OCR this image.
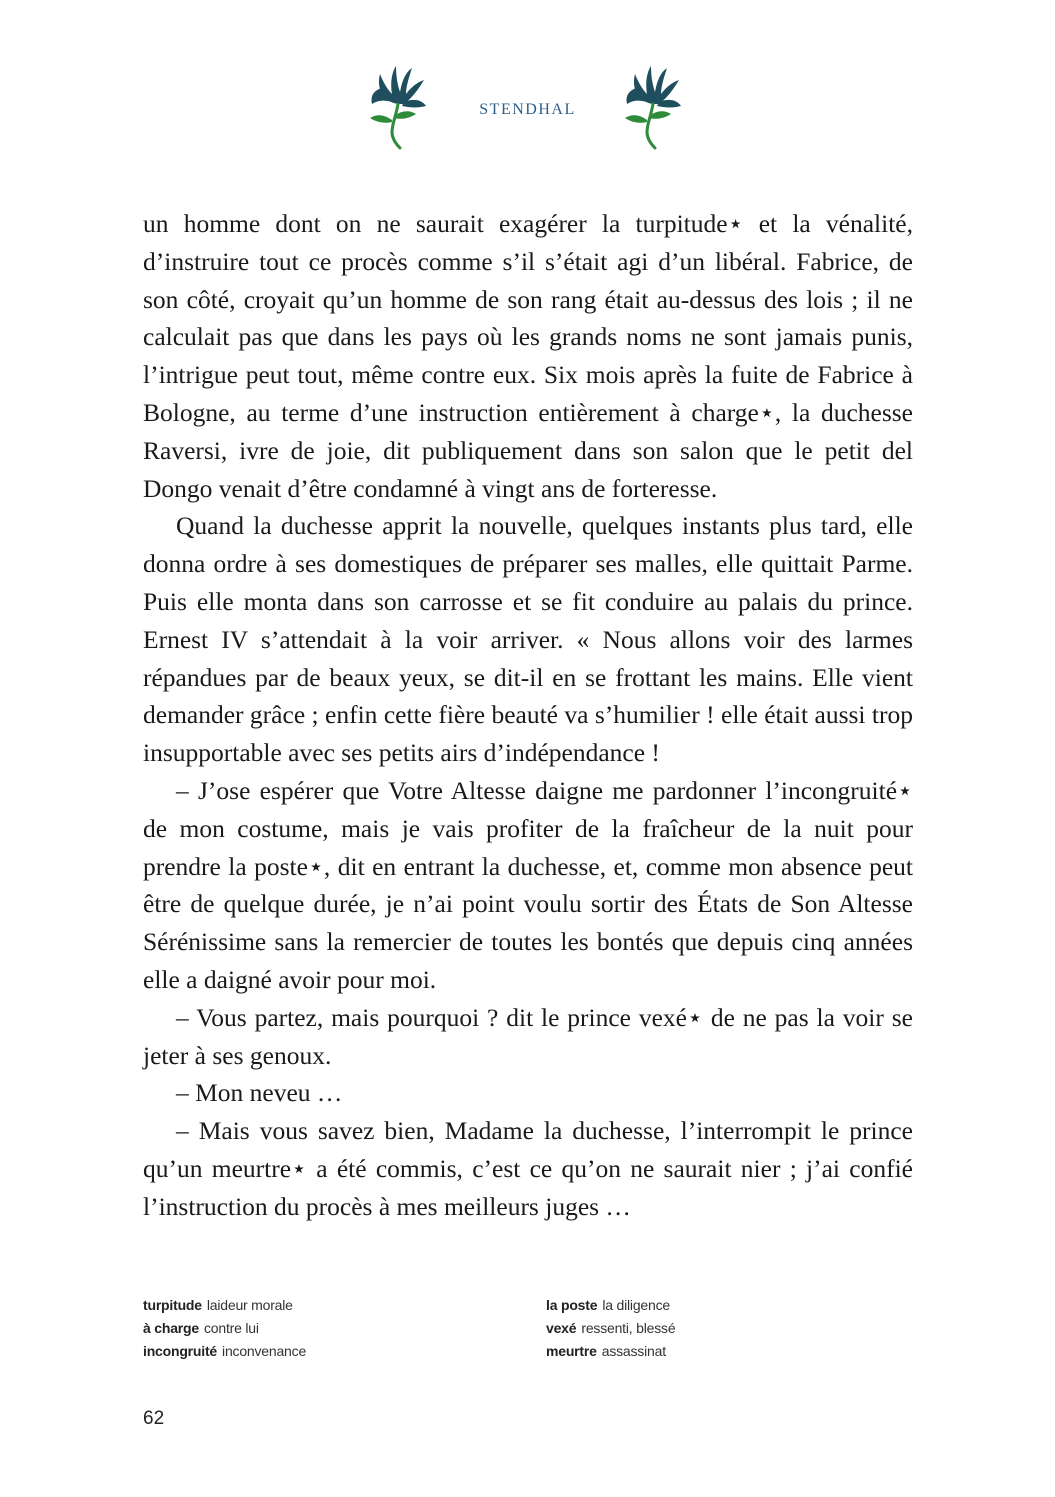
STENDHAL

un homme dont on ne saurait exagérer la turpitude⋆ et la vénalité, d’instruire tout ce procès comme s’il s’était agi d’un libéral. Fabrice, de son côté, croyait qu’un homme de son rang était au-dessus des lois ; il ne calculait pas que dans les pays où les grands noms ne sont jamais punis, l’intrigue peut tout, même contre eux. Six mois après la fuite de Fabrice à Bologne, au terme d’une instruction entièrement à charge⋆, la duchesse Raversi, ivre de joie, dit publiquement dans son salon que le petit del Dongo venait d’être condamné à vingt ans de forteresse.

Quand la duchesse apprit la nouvelle, quelques instants plus tard, elle donna ordre à ses domestiques de préparer ses malles, elle quittait Parme. Puis elle monta dans son carrosse et se fit conduire au palais du prince. Ernest IV s’attendait à la voir arriver. « Nous allons voir des larmes répandues par de beaux yeux, se dit-il en se frottant les mains. Elle vient demander grâce ; enfin cette fière beauté va s’humilier ! elle était aussi trop insupportable avec ses petits airs d’indépendance !

– J’ose espérer que Votre Altesse daigne me pardonner l’incongruité⋆ de mon costume, mais je vais profiter de la fraîcheur de la nuit pour prendre la poste⋆, dit en entrant la duchesse, et, comme mon absence peut être de quelque durée, je n’ai point voulu sortir des États de Son Altesse Sérénissime sans la remercier de toutes les bontés que depuis cinq années elle a daigné avoir pour moi.

– Vous partez, mais pourquoi ? dit le prince vexé⋆ de ne pas la voir se jeter à ses genoux.

– Mon neveu …

– Mais vous savez bien, Madame la duchesse, l’interrompit le prince qu’un meurtre⋆ a été commis, c’est ce qu’on ne saurait nier ; j’ai confié l’instruction du procès à mes meilleurs juges …

turpitude laideur morale
à charge contre lui
incongruité inconvenance
la poste la diligence
vexé ressenti, blessé
meurtre assassinat
62
